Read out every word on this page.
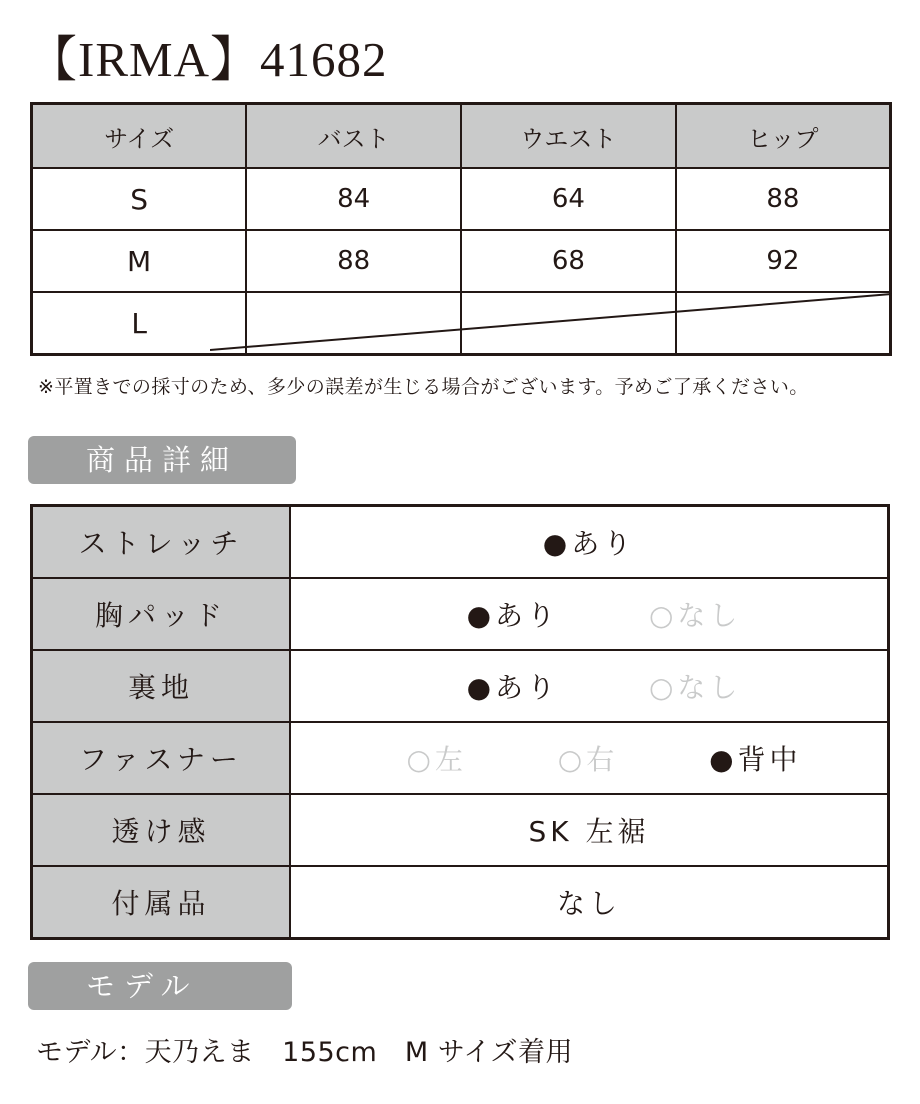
【IRMA】41682
サイズ	バスト	ウエスト	ヒップ
S	84	64	88
M	88	68	92
L			
※平置きでの採寸のため、多少の誤差が生じる場合がございます。予めご了承ください。
商品詳細
ストレッチ	●あり
胸パッド	●あり ○なし

裏地	●あり ○なし

ファスナー	○左 ○右 ●背中

透け感	SK 左裾
付属品	なし
モデル
モデル：天乃えま　155cm　M サイズ着用
